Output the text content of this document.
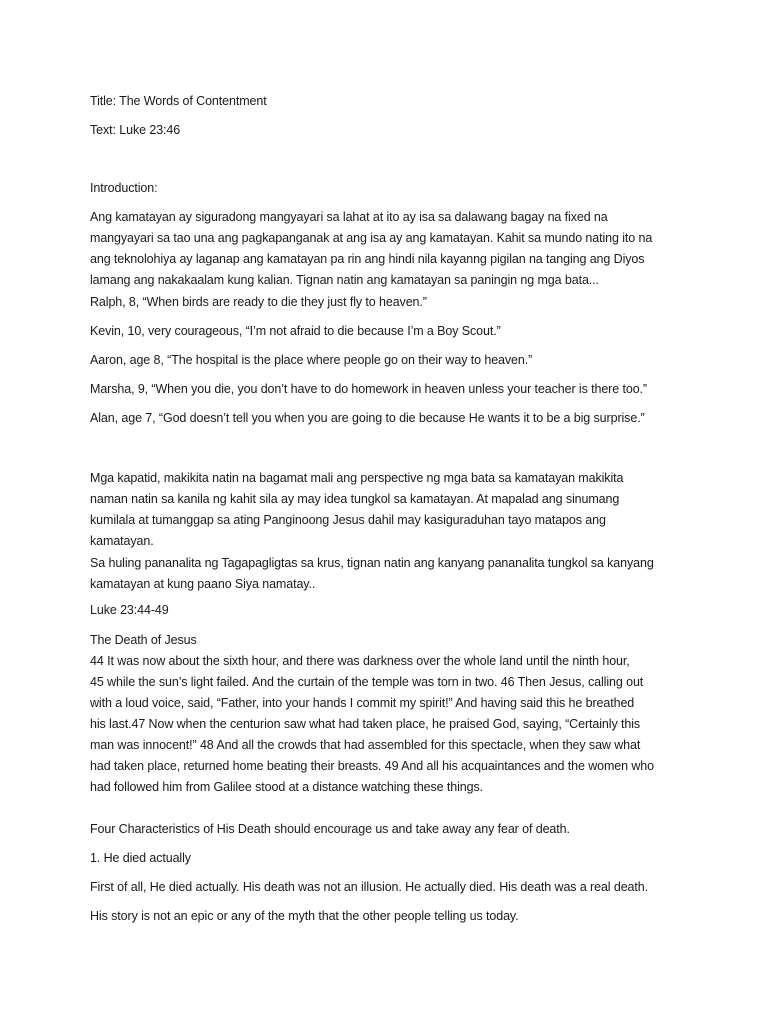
Title: The Words of Contentment

Text: Luke 23:46

Introduction:

Ang kamatayan ay siguradong mangyayari sa lahat at ito ay isa sa dalawang bagay na fixed na
mangyayari sa tao una ang pagkapanganak at ang isa ay ang kamatayan. Kahit sa mundo nating ito na
ang teknolohiya ay laganap ang kamatayan pa rin ang hindi nila kayanng pigilan na tanging ang Diyos
lamang ang nakakaalam kung kalian. Tignan natin ang kamatayan sa paningin ng mga bata...

Ralph, 8, “When birds are ready to die they just fly to heaven.”

Kevin, 10, very courageous, “I’m not afraid to die because I’m a Boy Scout.”

Aaron, age 8, “The hospital is the place where people go on their way to heaven.”

Marsha, 9, “When you die, you don’t have to do homework in heaven unless your teacher is there too.”

Alan, age 7, “God doesn’t tell you when you are going to die because He wants it to be a big surprise.”

Mga kapatid, makikita natin na bagamat mali ang perspective ng mga bata sa kamatayan makikita
naman natin sa kanila ng kahit sila ay may idea tungkol sa kamatayan. At mapalad ang sinumang
kumilala at tumanggap sa ating Panginoong Jesus dahil may kasiguraduhan tayo matapos ang
kamatayan.

Sa huling pananalita ng Tagapagligtas sa krus, tignan natin ang kanyang pananalita tungkol sa kanyang
kamatayan at kung paano Siya namatay..

Luke 23:44-49

The Death of Jesus
44 It was now about the sixth hour, and there was darkness over the whole land until the ninth hour,
45 while the sun’s light failed. And the curtain of the temple was torn in two. 46 Then Jesus, calling out
with a loud voice, said, “Father, into your hands I commit my spirit!” And having said this he breathed
his last.47 Now when the centurion saw what had taken place, he praised God, saying, “Certainly this
man was innocent!” 48 And all the crowds that had assembled for this spectacle, when they saw what
had taken place, returned home beating their breasts. 49 And all his acquaintances and the women who
had followed him from Galilee stood at a distance watching these things.

Four Characteristics of His Death should encourage us and take away any fear of death.

1. He died actually

First of all, He died actually. His death was not an illusion. He actually died. His death was a real death.

His story is not an epic or any of the myth that the other people telling us today.
